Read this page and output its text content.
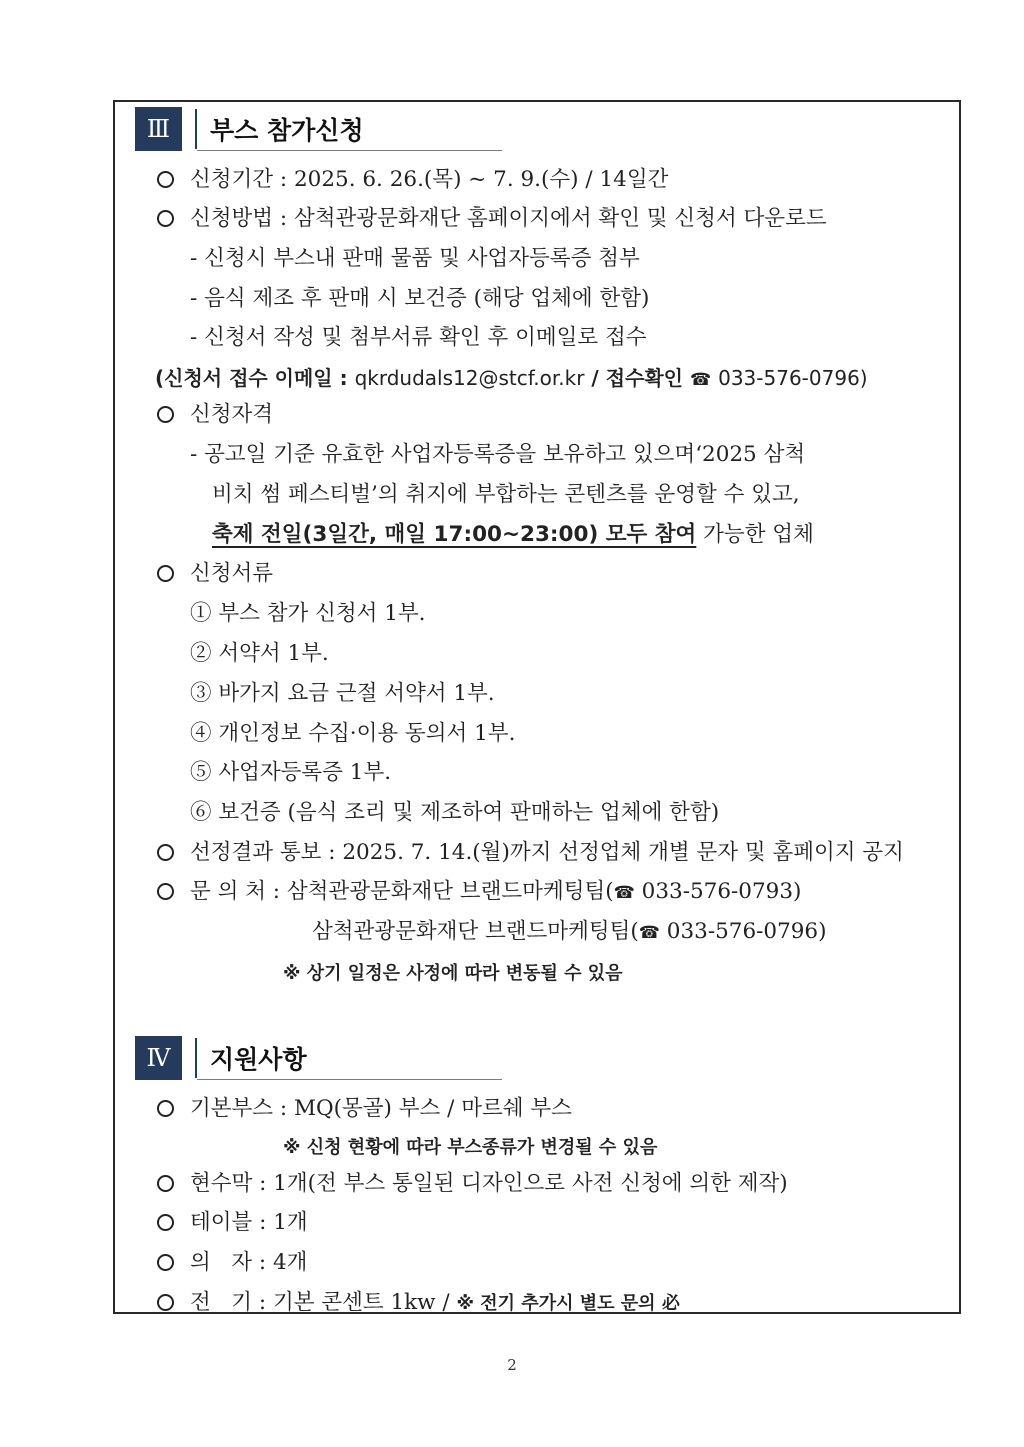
Ⅲ	부스 참가신청
신청기간 : 2025. 6. 26.(목) ~ 7. 9.(수) / 14일간
신청방법 : 삼척관광문화재단 홈페이지에서 확인 및 신청서 다운로드
- 신청시 부스내 판매 물품 및 사업자등록증 첨부
- 음식 제조 후 판매 시 보건증 (해당 업체에 한함)
- 신청서 작성 및 첨부서류 확인 후 이메일로 접수
(신청서 접수 이메일 : qkrdudals12@stcf.or.kr / 접수확인 ☎ 033-576-0796)
신청자격
- 공고일 기준 유효한 사업자등록증을 보유하고 있으며‘2025 삼척
비치 썸 페스티벌’의 취지에 부합하는 콘텐츠를 운영할 수 있고,
축제 전일(3일간, 매일 17:00~23:00) 모두 참여 가능한 업체
신청서류
① 부스 참가 신청서 1부.
② 서약서 1부.
③ 바가지 요금 근절 서약서 1부.
④ 개인정보 수집·이용 동의서 1부.
⑤ 사업자등록증 1부.
⑥ 보건증 (음식 조리 및 제조하여 판매하는 업체에 한함)
선정결과 통보 : 2025. 7. 14.(월)까지 선정업체 개별 문자 및 홈페이지 공지
문 의 처 : 삼척관광문화재단 브랜드마케팅팀(☎ 033-576-0793)
삼척관광문화재단 브랜드마케팅팀(☎ 033-576-0796)
※ 상기 일정은 사정에 따라 변동될 수 있음
Ⅳ	지원사항
기본부스 : MQ(몽골) 부스 / 마르쉐 부스
※ 신청 현황에 따라 부스종류가 변경될 수 있음
현수막 : 1개(전 부스 통일된 디자인으로 사전 신청에 의한 제작)
테이블 : 1개
의   자 : 4개
전   기 : 기본 콘센트 1kw / ※ 전기 추가시 별도 문의 必
2
